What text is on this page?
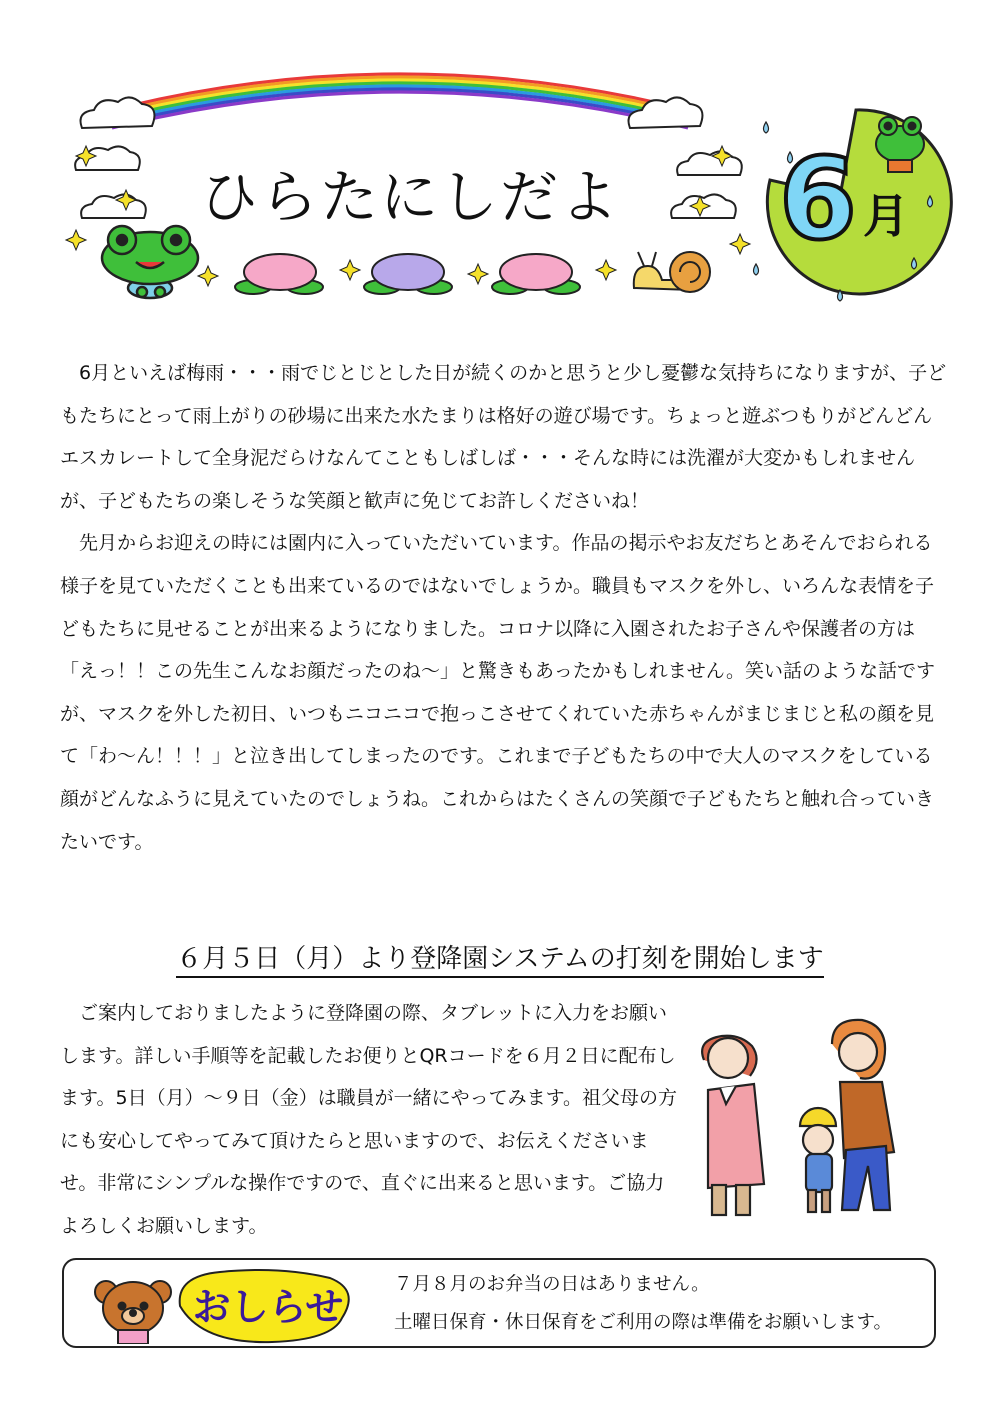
6 月
ひらたにしだよ

6月といえば梅雨・・・雨でじとじとした日が続くのかと思うと少し憂鬱な気持ちになりますが、子どもたちにとって雨上がりの砂場に出来た水たまりは格好の遊び場です。ちょっと遊ぶつもりがどんどんエスカレートして全身泥だらけなんてこともしばしば・・・そんな時には洗濯が大変かもしれませんが、子どもたちの楽しそうな笑顔と歓声に免じてお許しくださいね！

先月からお迎えの時には園内に入っていただいています。作品の掲示やお友だちとあそんでおられる様子を見ていただくことも出来ているのではないでしょうか。職員もマスクを外し、いろんな表情を子どもたちに見せることが出来るようになりました。コロナ以降に入園されたお子さんや保護者の方は「えっ！！この先生こんなお顔だったのね～」と驚きもあったかもしれません。笑い話のような話ですが、マスクを外した初日、いつもニコニコで抱っこさせてくれていた赤ちゃんがまじまじと私の顔を見て「わ～ん！！！」と泣き出してしまったのです。これまで子どもたちの中で大人のマスクをしている顔がどんなふうに見えていたのでしょうね。これからはたくさんの笑顔で子どもたちと触れ合っていきたいです。

６月５日（月）より登降園システムの打刻を開始します

ご案内しておりましたように登降園の際、タブレットに入力をお願いします。詳しい手順等を記載したお便りとQRコードを６月２日に配布します。5日（月）～９日（金）は職員が一緒にやってみます。祖父母の方にも安心してやってみて頂けたらと思いますので、お伝えくださいませ。非常にシンプルな操作ですので、直ぐに出来ると思います。ご協力よろしくお願いします。

おしらせ
７月８月のお弁当の日はありません。
土曜日保育・休日保育をご利用の際は準備をお願いします。
